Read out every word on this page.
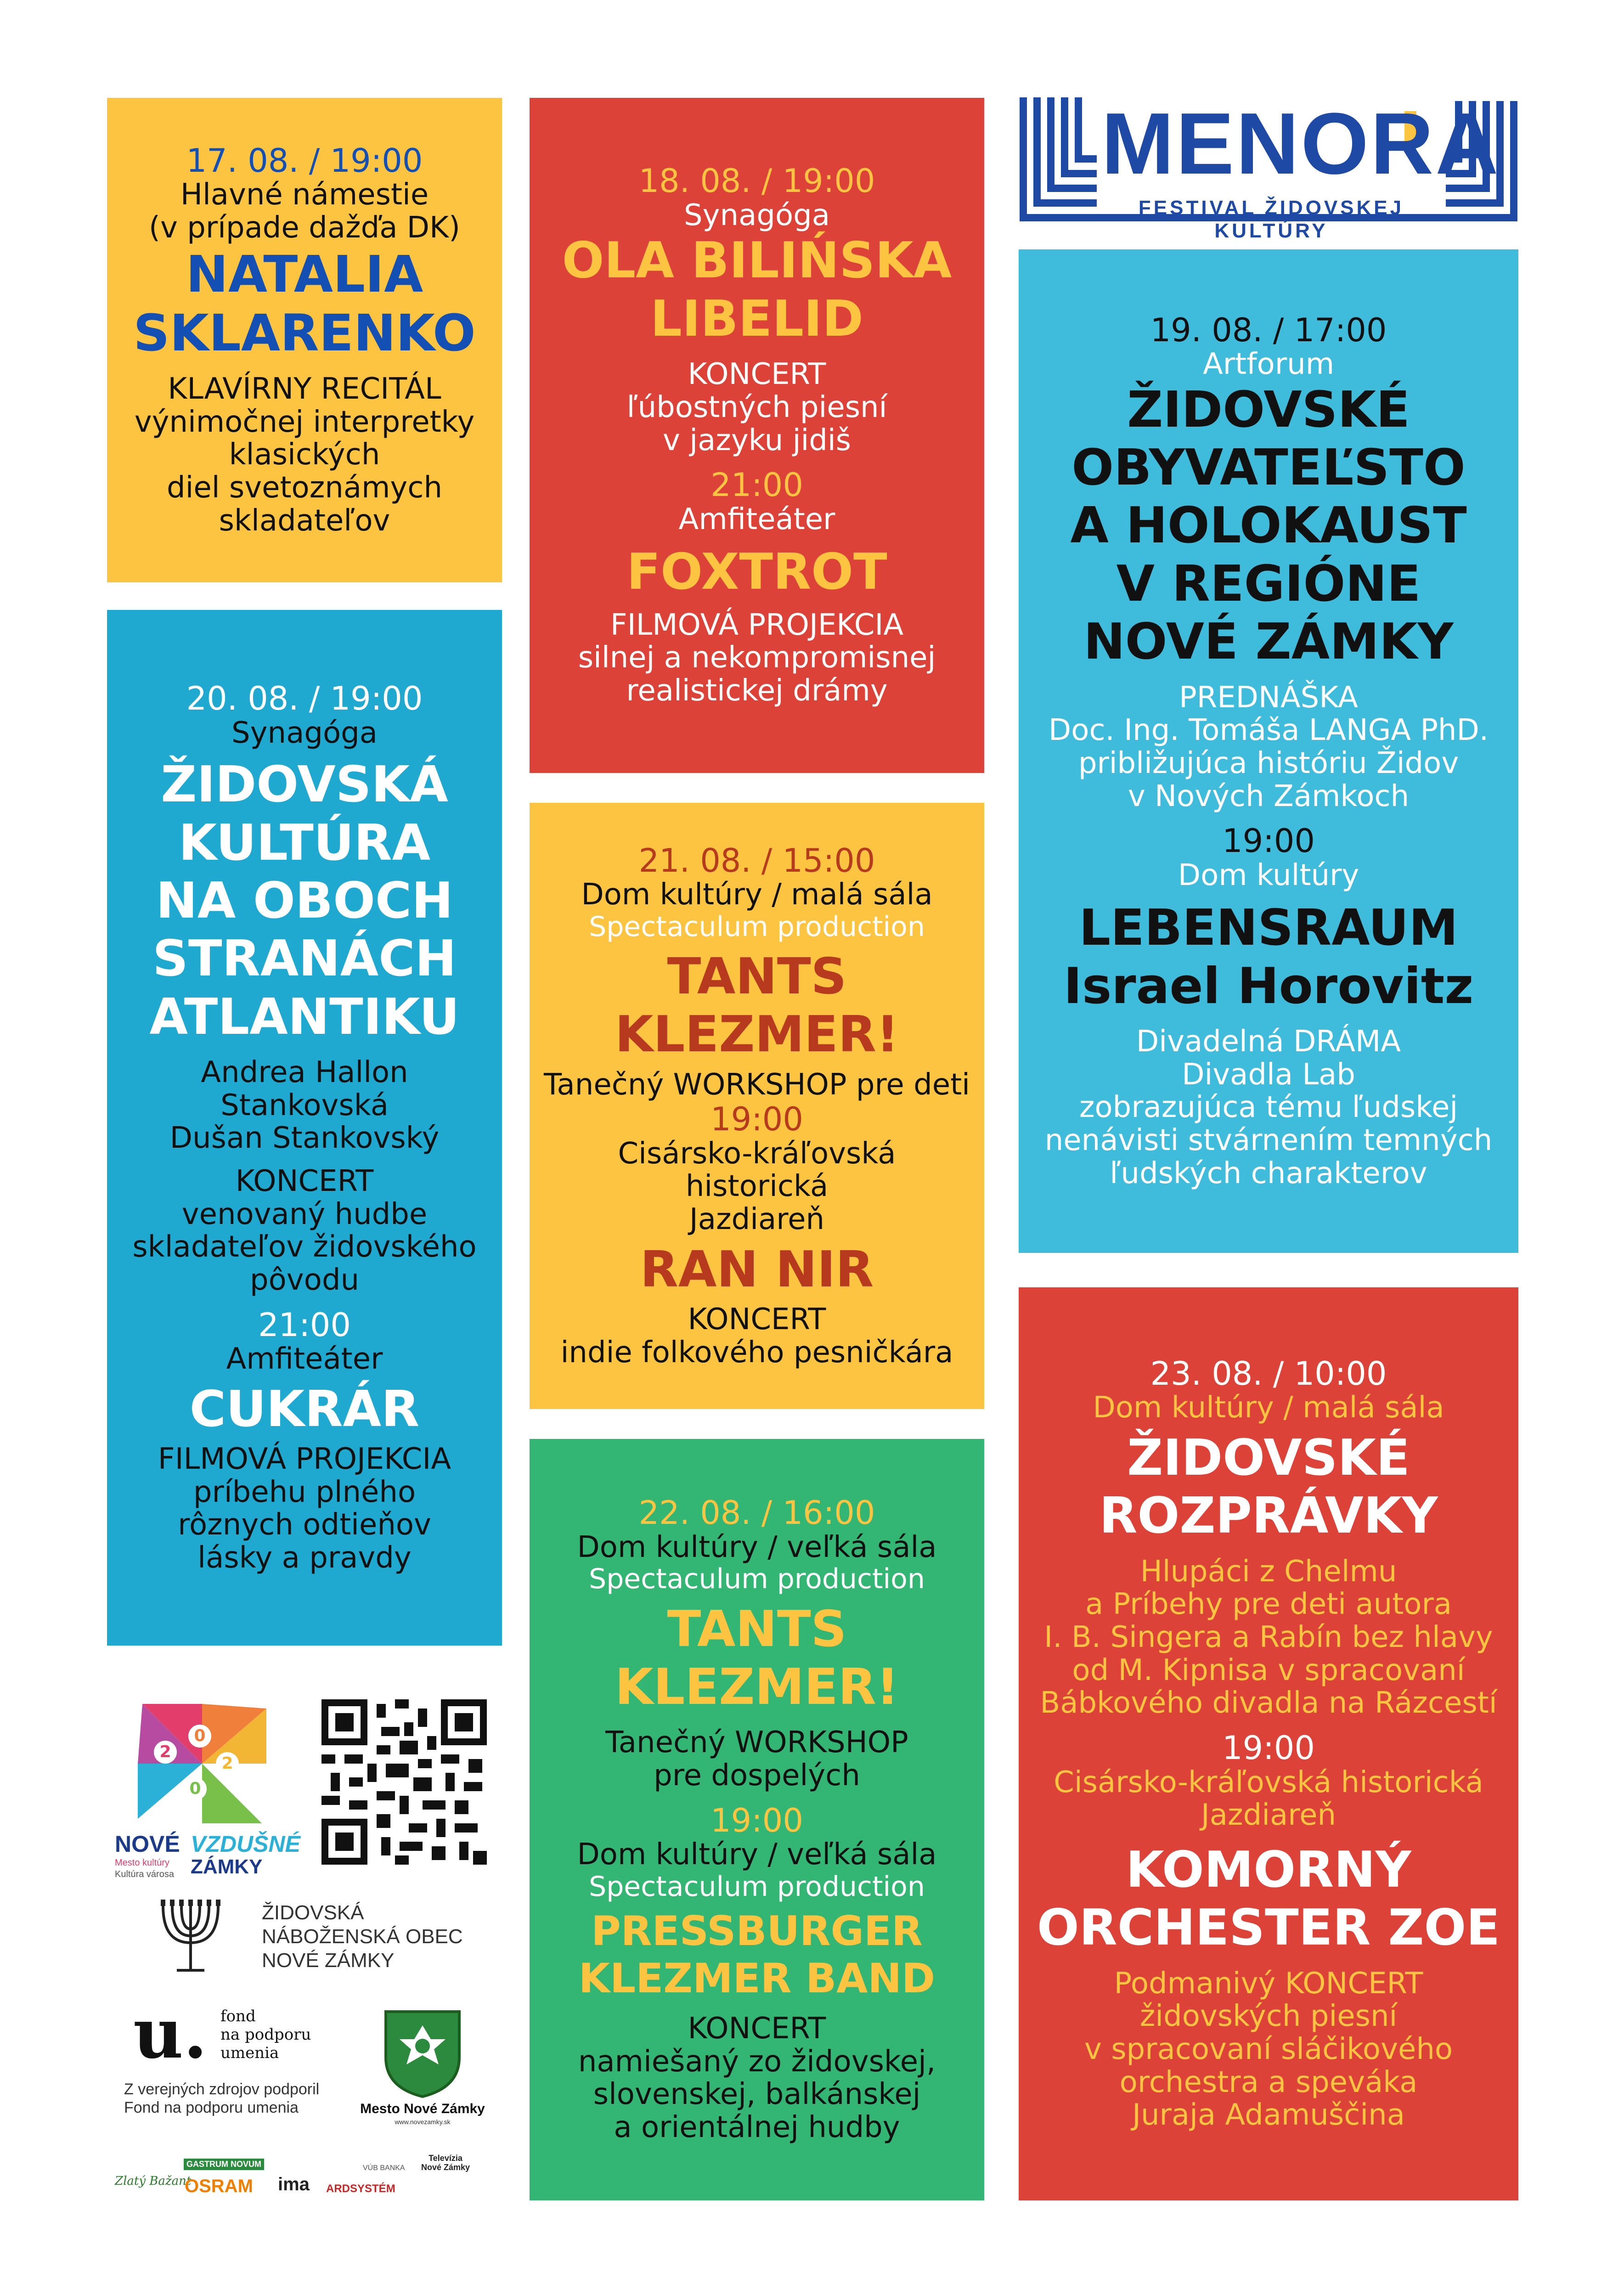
MENORA
FESTIVAL ŽIDOVSKEJ KULTÚRY
17. 08. / 19:00
Hlavné námestie
(v prípade dažďa DK)
NATALIA
SKLARENKO
KLAVÍRNY RECITÁL
výnimočnej interpretky
klasických
diel svetoznámych
skladateľov
18. 08. / 19:00
Synagóga
OLA BILIŃSKA
LIBELID
KONCERT
ľúbostných piesní
v jazyku jidiš
21:00
Amfiteáter
FOXTROT
FILMOVÁ PROJEKCIA
silnej a nekompromisnej
realistickej drámy
19. 08. / 17:00
Artforum
ŽIDOVSKÉ
OBYVATEĽSTO
A HOLOKAUST
V REGIÓNE
NOVÉ ZÁMKY
PREDNÁŠKA
Doc. Ing. Tomáša LANGA PhD.
približujúca históriu Židov
v Nových Zámkoch
19:00
Dom kultúry
LEBENSRAUM
Israel Horovitz
Divadelná DRÁMA
Divadla Lab
zobrazujúca tému ľudskej
nenávisti stvárnením temných
ľudských charakterov
20. 08. / 19:00
Synagóga
ŽIDOVSKÁ
KULTÚRA
NA OBOCH
STRANÁCH
ATLANTIKU
Andrea Hallon
Stankovská
Dušan Stankovský
KONCERT
venovaný hudbe
skladateľov židovského
pôvodu
21:00
Amfiteáter
CUKRÁR
FILMOVÁ PROJEKCIA
príbehu plného
rôznych odtieňov
lásky a pravdy
21. 08. / 15:00
Dom kultúry / malá sála
Spectaculum production
TANTS
KLEZMER!
Tanečný WORKSHOP pre deti
19:00
Cisársko-kráľovská historická
Jazdiareň
RAN NIR
KONCERT
indie folkového pesničkára
22. 08. / 16:00
Dom kultúry / veľká sála
Spectaculum production
TANTS
KLEZMER!
Tanečný WORKSHOP
pre dospelých
19:00
Dom kultúry / veľká sála
Spectaculum production
PRESSBURGER
KLEZMER BAND
KONCERT
namiešaný zo židovskej,
slovenskej, balkánskej
a orientálnej hudby
23. 08. / 10:00
Dom kultúry / malá sála
ŽIDOVSKÉ
ROZPRÁVKY
Hlupáci z Chelmu
a Príbehy pre deti autora
I. B. Singera a Rabín bez hlavy
od M. Kipnisa v spracovaní
Bábkového divadla na Rázcestí
19:00
Cisársko-kráľovská historická
Jazdiareň
KOMORNÝ
ORCHESTER ZOE
Podmanivý KONCERT
židovských piesní
v spracovaní sláčikového
orchestra a speváka
Juraja Adamuščina
2
0
2
0
NOVÉ VZDUŠNÉ
Mesto kultúry
Kultúra városa ZÁMKY
ŽIDOVSKÁ
NÁBOŽENSKÁ OBEC
NOVÉ ZÁMKY
u. fond
na podporu
umenia
Z verejných zdrojov podporil
Fond na podporu umenia	Mesto Nové Zámky
www.novezamky.sk
Zlatý Bažant
GASTRUM NOVUM
OSRAM ima ARDSYSTÉM
VÚB BANKA
Televízia Nové Zámky
